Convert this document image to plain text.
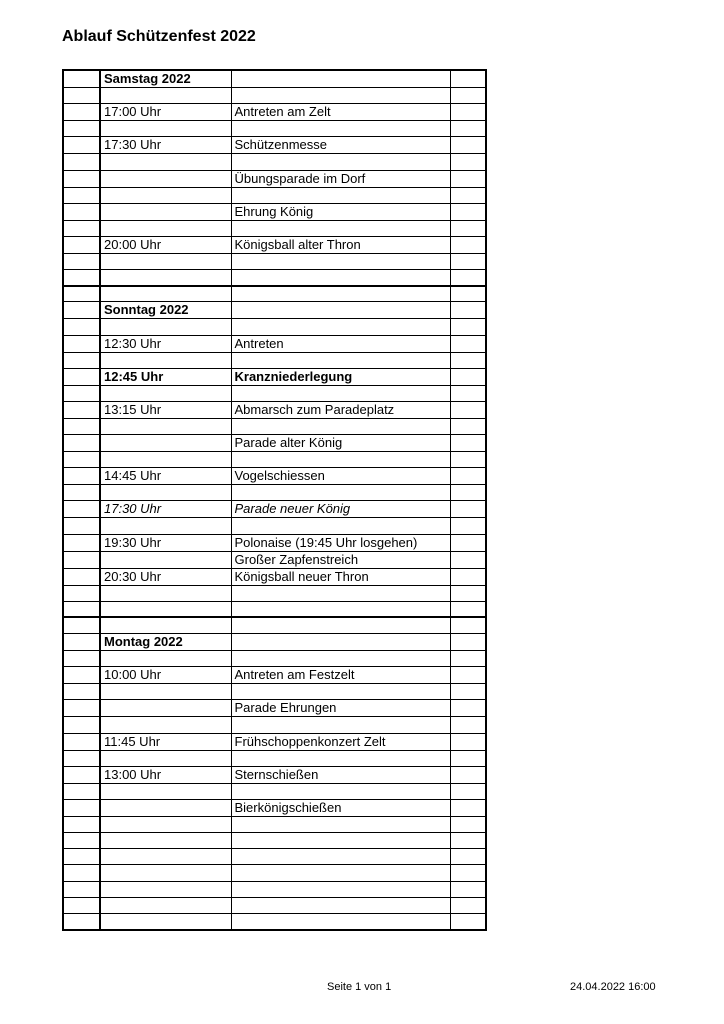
Ablauf Schützenfest 2022
	Samstag 2022		

	17:00 Uhr	Antreten am Zelt	

	17:30 Uhr	Schützenmesse	

		Übungsparade im Dorf	

		Ehrung König	

	20:00 Uhr	Königsball alter Thron	

	Sonntag 2022		

	12:30 Uhr	Antreten	

	12:45 Uhr	Kranzniederlegung	

	13:15 Uhr	Abmarsch zum Paradeplatz	

		Parade alter König	

	14:45 Uhr	Vogelschiessen	

	17:30 Uhr	Parade neuer König	

	19:30 Uhr	Polonaise (19:45 Uhr losgehen)	
		Großer Zapfenstreich	
	20:30 Uhr	Königsball neuer Thron	

	Montag 2022		

	10:00 Uhr	Antreten am Festzelt	

		Parade Ehrungen	

	11:45 Uhr	Frühschoppenkonzert Zelt	

	13:00 Uhr	Sternschießen	

		Bierkönigschießen	

Seite 1 von 1	24.04.2022 16:00
